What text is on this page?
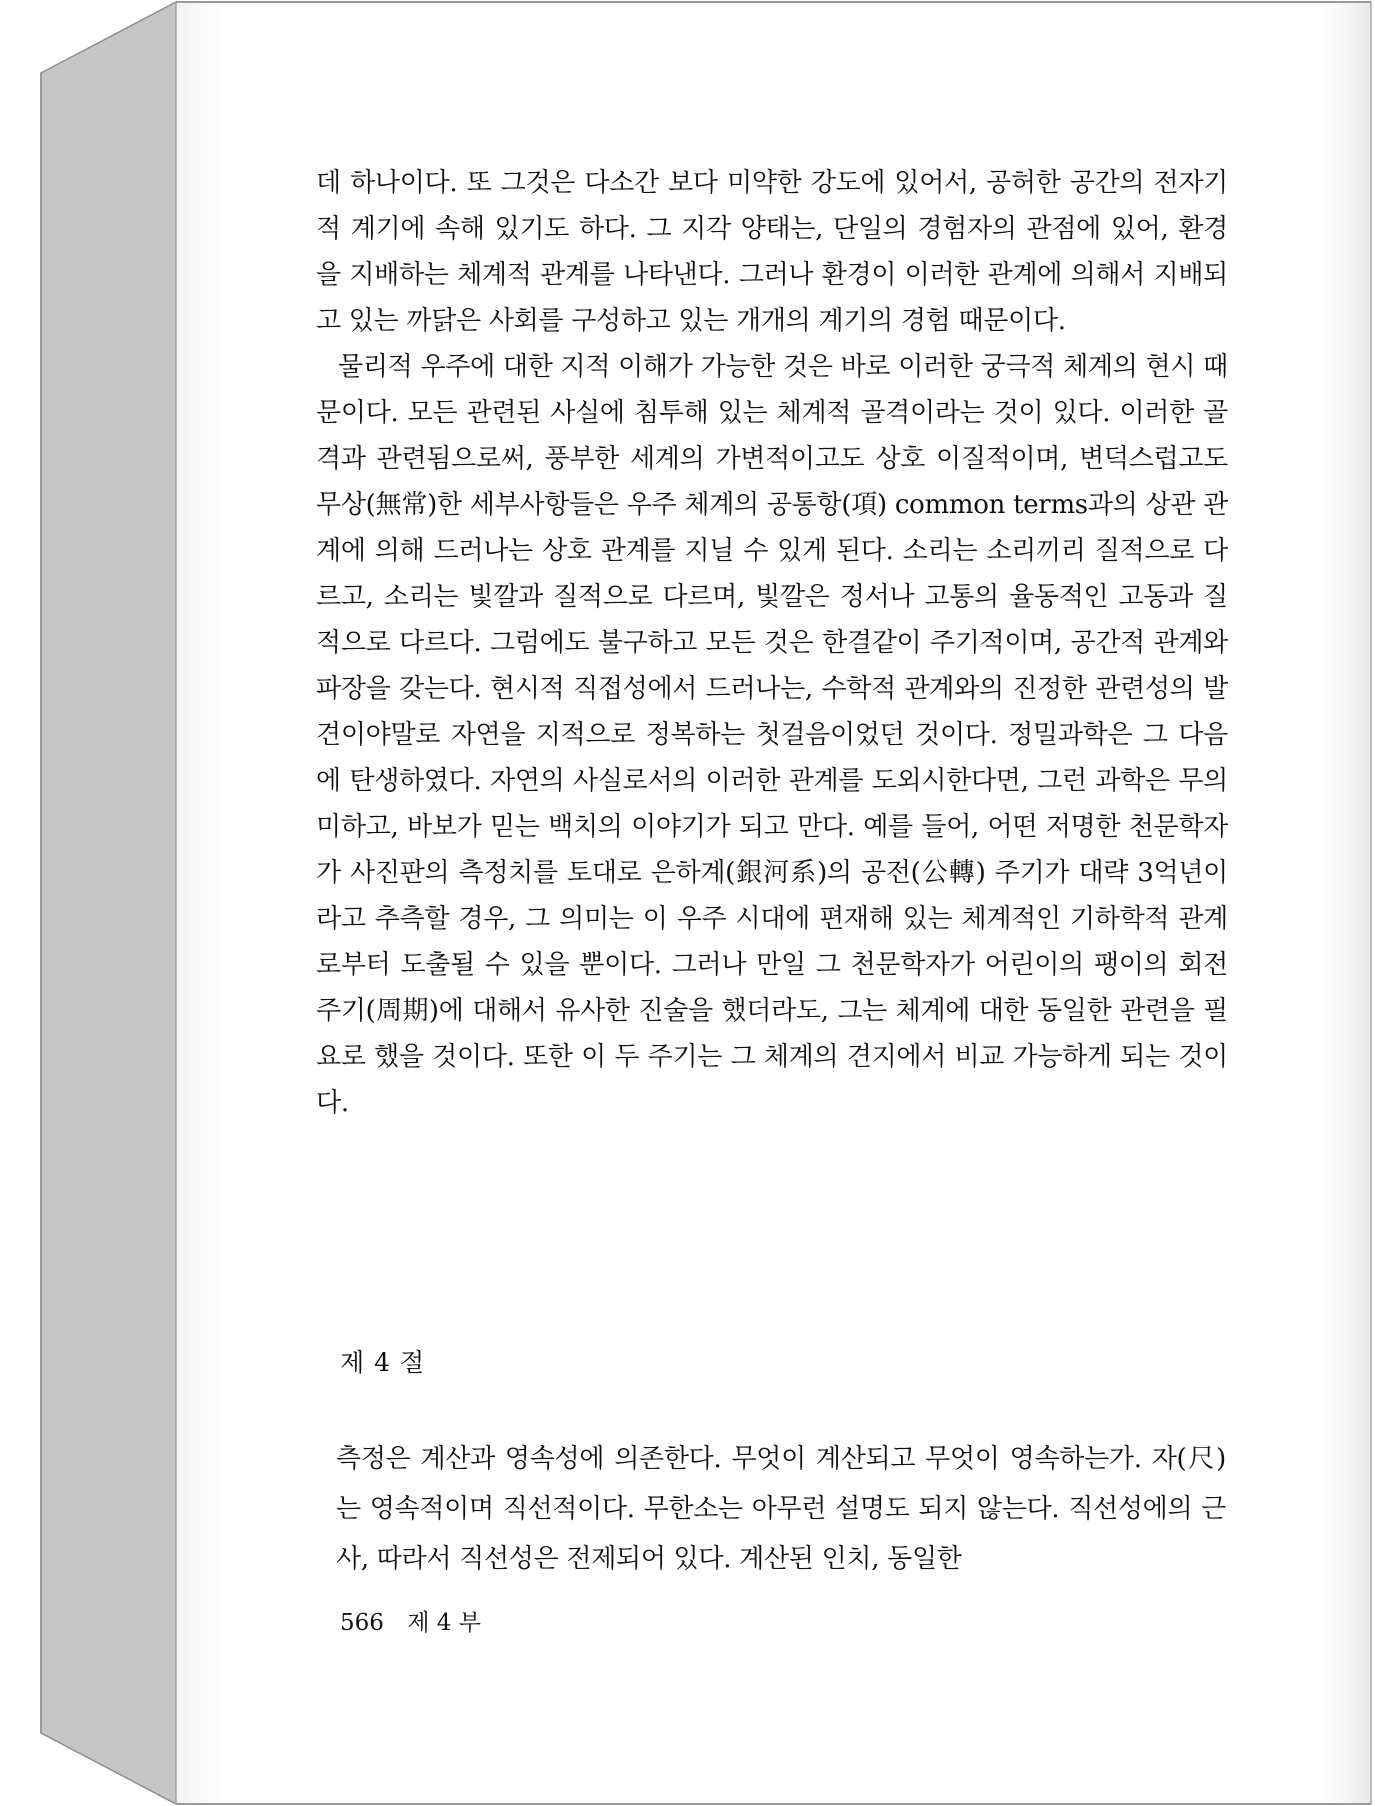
데 하나이다. 또 그것은 다소간 보다 미약한 강도에 있어서, 공허한 공간의 전자기적 계기에 속해 있기도 하다. 그 지각 양태는, 단일의 경험자의 관점에 있어, 환경을 지배하는 체계적 관계를 나타낸다. 그러나 환경이 이러한 관계에 의해서 지배되고 있는 까닭은 사회를 구성하고 있는 개개의 계기의 경험 때문이다.

물리적 우주에 대한 지적 이해가 가능한 것은 바로 이러한 궁극적 체계의 현시 때문이다. 모든 관련된 사실에 침투해 있는 체계적 골격이라는 것이 있다. 이러한 골격과 관련됨으로써, 풍부한 세계의 가변적이고도 상호 이질적이며, 변덕스럽고도 무상(無常)한 세부사항들은 우주 체계의 공통항(項) common terms과의 상관 관계에 의해 드러나는 상호 관계를 지닐 수 있게 된다. 소리는 소리끼리 질적으로 다르고, 소리는 빛깔과 질적으로 다르며, 빛깔은 정서나 고통의 율동적인 고동과 질적으로 다르다. 그럼에도 불구하고 모든 것은 한결같이 주기적이며, 공간적 관계와 파장을 갖는다. 현시적 직접성에서 드러나는, 수학적 관계와의 진정한 관련성의 발견이야말로 자연을 지적으로 정복하는 첫걸음이었던 것이다. 정밀과학은 그 다음에 탄생하였다. 자연의 사실로서의 이러한 관계를 도외시한다면, 그런 과학은 무의미하고, 바보가 믿는 백치의 이야기가 되고 만다. 예를 들어, 어떤 저명한 천문학자가 사진판의 측정치를 토대로 은하계(銀河系)의 공전(公轉) 주기가 대략 3억년이라고 추측할 경우, 그 의미는 이 우주 시대에 편재해 있는 체계적인 기하학적 관계로부터 도출될 수 있을 뿐이다. 그러나 만일 그 천문학자가 어린이의 팽이의 회전 주기(周期)에 대해서 유사한 진술을 했더라도, 그는 체계에 대한 동일한 관련을 필요로 했을 것이다. 또한 이 두 주기는 그 체계의 견지에서 비교 가능하게 되는 것이다.

제 4 절

측정은 계산과 영속성에 의존한다. 무엇이 계산되고 무엇이 영속하는가. 자(尺)는 영속적이며 직선적이다. 무한소는 아무런 설명도 되지 않는다. 직선성에의 근사, 따라서 직선성은 전제되어 있다. 계산된 인치, 동일한

566 제 4 부
